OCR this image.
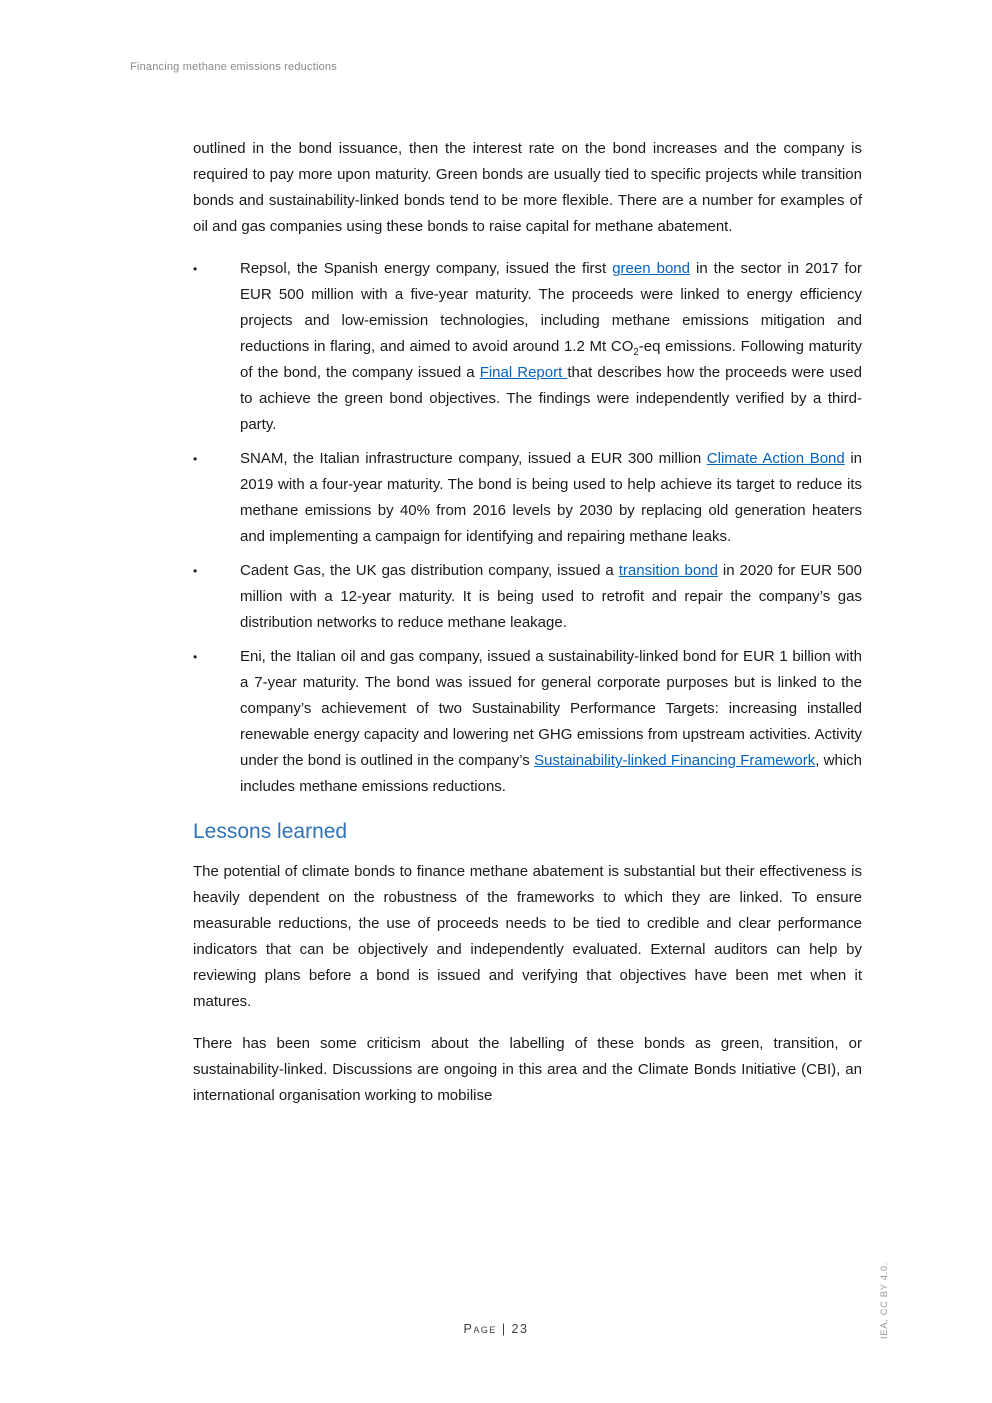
Financing methane emissions reductions

outlined in the bond issuance, then the interest rate on the bond increases and the company is required to pay more upon maturity. Green bonds are usually tied to specific projects while transition bonds and sustainability-linked bonds tend to be more flexible. There are a number for examples of oil and gas companies using these bonds to raise capital for methane abatement.

•	Repsol, the Spanish energy company, issued the first green bond in the sector in 2017 for EUR 500 million with a five-year maturity. The proceeds were linked to energy efficiency projects and low-emission technologies, including methane emissions mitigation and reductions in flaring, and aimed to avoid around 1.2 Mt $CO_2-eq$ emissions. Following maturity of the bond, the company issued a Final Report that describes how the proceeds were used to achieve the green bond objectives. The findings were independently verified by a third-party.
•	SNAM, the Italian infrastructure company, issued a EUR 300 million Climate Action Bond in 2019 with a four-year maturity. The bond is being used to help achieve its target to reduce its methane emissions by 40% from 2016 levels by 2030 by replacing old generation heaters and implementing a campaign for identifying and repairing methane leaks.
•	Cadent Gas, the UK gas distribution company, issued a transition bond in 2020 for EUR 500 million with a 12-year maturity. It is being used to retrofit and repair the company’s gas distribution networks to reduce methane leakage.
•	Eni, the Italian oil and gas company, issued a sustainability-linked bond for EUR 1 billion with a 7-year maturity. The bond was issued for general corporate purposes but is linked to the company’s achievement of two Sustainability Performance Targets: increasing installed renewable energy capacity and lowering net GHG emissions from upstream activities. Activity under the bond is outlined in the company’s Sustainability-linked Financing Framework, which includes methane emissions reductions.
Lessons learned

The potential of climate bonds to finance methane abatement is substantial but their effectiveness is heavily dependent on the robustness of the frameworks to which they are linked. To ensure measurable reductions, the use of proceeds needs to be tied to credible and clear performance indicators that can be objectively and independently evaluated. External auditors can help by reviewing plans before a bond is issued and verifying that objectives have been met when it matures.

There has been some criticism about the labelling of these bonds as green, transition, or sustainability-linked. Discussions are ongoing in this area and the Climate Bonds Initiative (CBI), an international organisation working to mobilise

Page | 23	IEA. CC BY 4.0.
